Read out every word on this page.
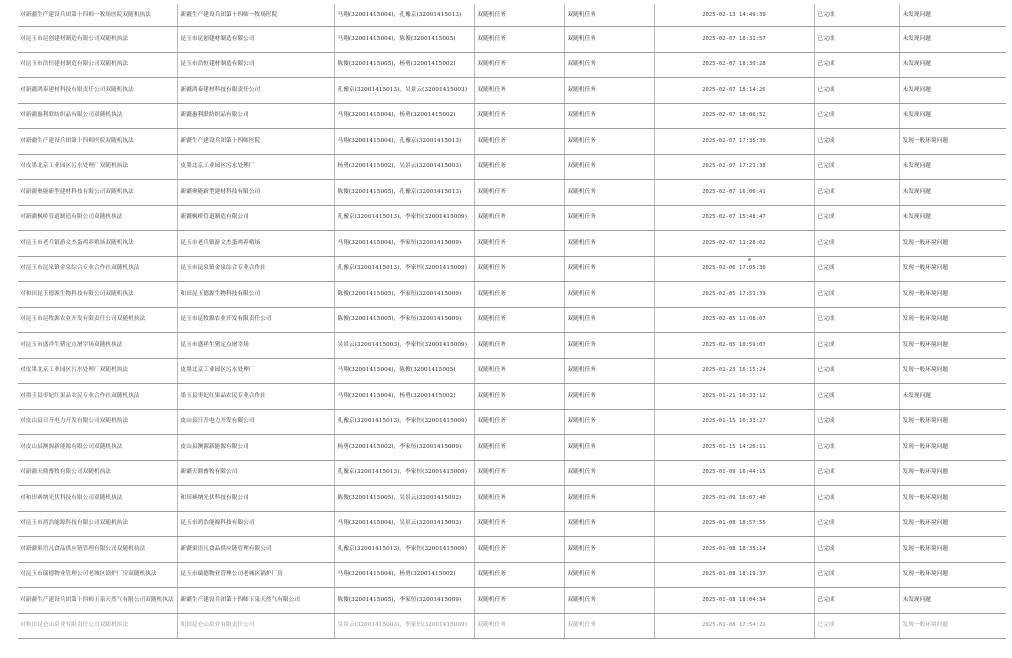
对新疆生产建设兵团第十四师一牧场医院双随机执法	新疆生产建设兵团第十四师一牧场医院	马翔(32001415004)，孔豫京(32001415013)	双随机任务	双随机任务	2025-02-13 14:49:39	已完成	未发现问题
对昆玉市昆创建材制造有限公司双随机执法	昆玉市昆创建材制造有限公司	马翔(32001415004)，陈俊(32001415005)	双随机任务	双随机任务	2025-02-07 18:31:57	已完成	未发现问题
对昆玉市浩恒建材制造有限公司双随机执法	昆玉市浩恒建材制造有限公司	陈俊(32001415005)，杨勇(32001415002)	双随机任务	双随机任务	2025-02-07 18:30:28	已完成	未发现问题
对新疆鸿泰建材科技有限责任公司双随机执法	新疆鸿泰建材科技有限责任公司	孔豫京(32001415013)，吴景云(32001415003)	双随机任务	双随机任务	2025-02-07 18:14:26	已完成	未发现问题
对新疆惠利联纺织品有限公司双随机执法	新疆惠利联纺织品有限公司	马翔(32001415004)，杨勇(32001415002)	双随机任务	双随机任务	2025-02-07 18:06:52	已完成	未发现问题
对新疆生产建设兵团第十四师医院双随机执法	新疆生产建设兵团第十四师医院	马翔(32001415004)，孔豫京(32001415013)	双随机任务	双随机任务	2025-02-07 17:35:30	已完成	发现一般环境问题
对皮墨北京工业园区污水处理厂双随机执法	皮墨北京工业园区污水处理厂	杨勇(32001415002)，吴景云(32001415003)	双随机任务	双随机任务	2025-02-07 17:21:38	已完成	未发现问题
对新疆奥能新型建材科技有限公司双随机执法	新疆奥能新型建材科技有限公司	陈俊(32001415005)，孔豫京(32001415013)	双随机任务	双随机任务	2025-02-07 16:06:41	已完成	未发现问题
对新疆枫桥管道制造有限公司双随机执法	新疆枫桥管道制造有限公司	孔豫京(32001415013)，李家恒(32001415009)	双随机任务	双随机任务	2025-02-07 15:48:47	已完成	未发现问题
对昆玉市老兵镇游文杰蛋鸡养殖场双随机执法	昆玉市老兵镇游文杰蛋鸡养殖场	马翔(32001415004)，李家恒(32001415009)	双随机任务	双随机任务	2025-02-07 11:28:02	已完成	发现一般环境问题
对昆玉市昆泉镇金泉综合专业合作社双随机执法	昆玉市昆泉镇金泉综合专业合作社	孔豫京(32001415013)，李家恒(32001415009)	双随机任务	双随机任务	2025-02-06 17:05:30	已完成	发现一般环境问题
对和田昆玉德源生物科技有限公司双随机执法	和田昆玉德源生物科技有限公司	陈俊(32001415005)，李家恒(32001415009)	双随机任务	双随机任务	2025-02-05 17:51:39	已完成	发现一般环境问题
对昆玉市昆牧源农业开发有限责任公司双随机执法	昆玉市昆牧源农业开发有限责任公司	陈俊(32001415005)，李家恒(32001415009)	双随机任务	双随机任务	2025-02-05 11:08:07	已完成	发现一般环境问题
对昆玉市盛祥生猪定点屠宰场双随机执法	昆玉市盛祥生猪定点屠宰场	吴景云(32001415003)，李家恒(32001415009)	双随机任务	双随机任务	2025-02-05 10:59:07	已完成	发现一般环境问题
对皮墨北京工业园区污水处理厂双随机执法	皮墨北京工业园区污水处理厂	马翔(32001415004)，陈俊(32001415005)	双随机任务	双随机任务	2025-01-23 16:15:24	已完成	发现一般环境问题
对墨玉县枣妃红果品农民专业合作社双随机执法	墨玉县枣妃红果品农民专业合作社	马翔(32001415004)，杨勇(32001415002)	双随机任务	双随机任务	2025-01-21 10:33:12	已完成	未发现问题
对皮山县日升电力开发有限公司双随机执法	皮山县日升电力开发有限公司	孔豫京(32001415013)，李家恒(32001415009)	双随机任务	双随机任务	2025-01-15 16:33:27	已完成	发现一般环境问题
对皮山县澳源新能源有限公司双随机执法	皮山县澳源新能源有限公司	杨勇(32001415002)，李家恒(32001415009)	双随机任务	双随机任务	2025-01-15 14:26:11	已完成	发现一般环境问题
对新疆天鼎畜牧有限公司双随机执法	新疆天鼎畜牧有限公司	孔豫京(32001415013)，李家恒(32001415009)	双随机任务	双随机任务	2025-01-09 16:44:15	已完成	发现一般环境问题
对和田赛纳光伏科技有限公司双随机执法	和田赛纳光伏科技有限公司	陈俊(32001415005)，吴景云(32001415003)	双随机任务	双随机任务	2025-01-09 16:07:40	已完成	发现一般环境问题
对昆玉市鸿浩能源科技有限公司双随机执法	昆玉市鸿浩能源科技有限公司	马翔(32001415004)，吴景云(32001415003)	双随机任务	双随机任务	2025-01-08 18:57:55	已完成	发现一般环境问题
对新疆果语凡食品供应链管理有限公司双随机执法	新疆果语凡食品供应链管理有限公司	孔豫京(32001415013)，李家恒(32001415009)	双随机任务	双随机任务	2025-01-08 18:35:14	已完成	发现一般环境问题
对昆玉市瑞德物业管理公司老城区锅炉厂房双随机执法	昆玉市瑞德物业管理公司老城区锅炉厂房	马翔(32001415004)，杨勇(32001415002)	双随机任务	双随机任务	2025-01-08 18:19:37	已完成	发现一般环境问题
对新疆生产建设兵团第十四师玉泉天然气有限公司双随机执法	新疆生产建设兵团第十四师玉泉天然气有限公司	陈俊(32001415005)，李家恒(32001415009)	双随机任务	双随机任务	2025-01-08 18:04:34	已完成	未发现问题
对和田昆仑山泉业有限责任公司双随机执法	和田昆仑山泉业有限责任公司	吴景云(32001415003)，李家恒(32001415009)	双随机任务	双随机任务	2025-01-08 17:54:22	已完成	发现一般环境问题
